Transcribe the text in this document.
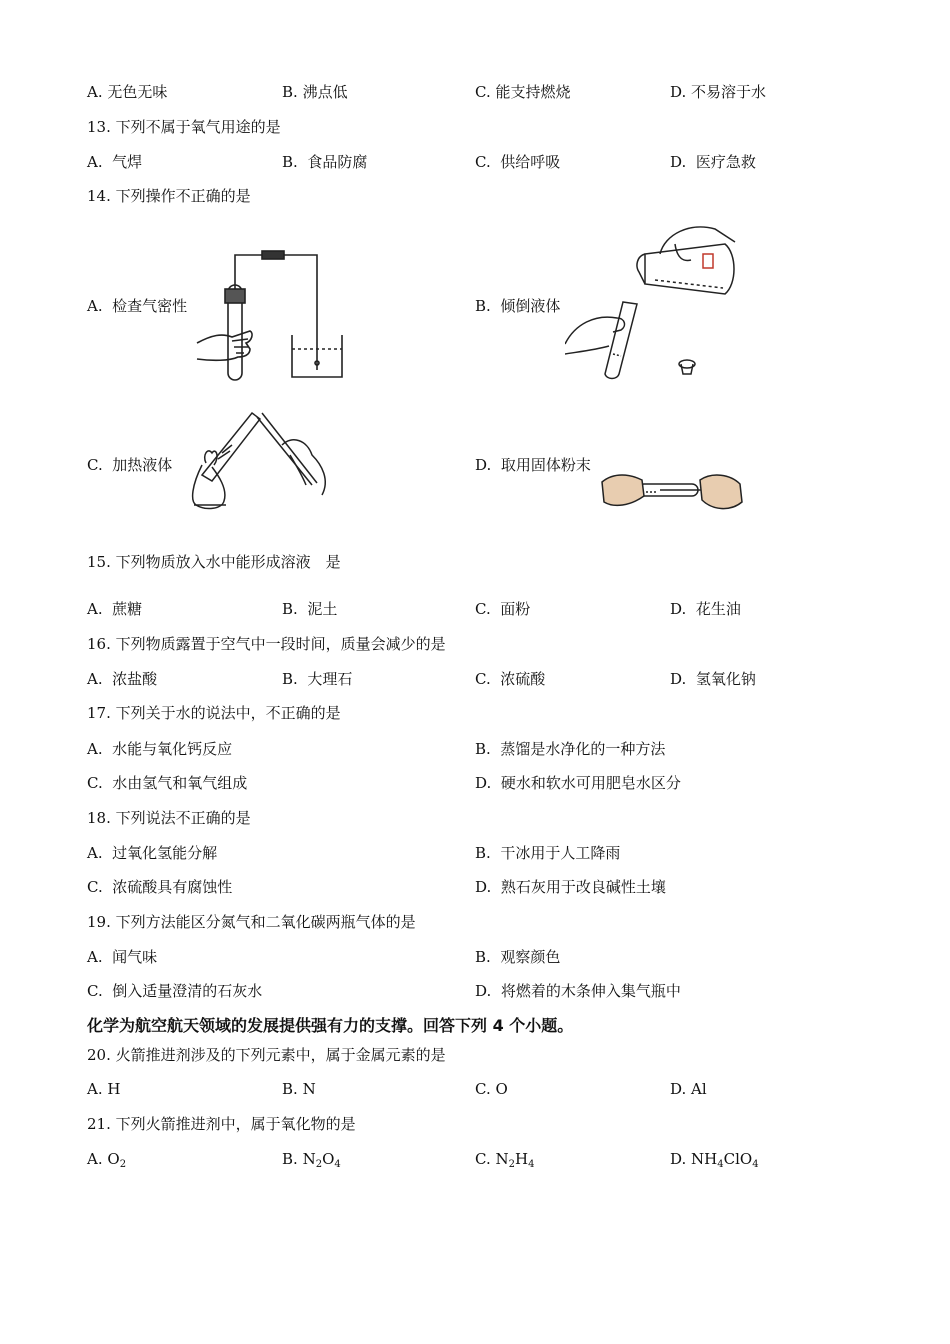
A. 无色无味	B. 沸点低	C. 能支持燃烧	D. 不易溶于水
13. 下列不属于氧气用途的是
A. 气焊	B. 食品防腐	C. 供给呼吸	D. 医疗急救
14. 下列操作不正确的是
A. 检查气密性	B. 倾倒液体
C. 加热液体	D. 取用固体粉末
15. 下列物质放入水中能形成溶液　是
A. 蔗糖	B. 泥土	C. 面粉	D. 花生油
16. 下列物质露置于空气中一段时间，质量会减少的是
A. 浓盐酸	B. 大理石	C. 浓硫酸	D. 氢氧化钠
17. 下列关于水的说法中，不正确的是
A. 水能与氧化钙反应	B. 蒸馏是水净化的一种方法
C. 水由氢气和氧气组成	D. 硬水和软水可用肥皂水区分
18. 下列说法不正确的是
A. 过氧化氢能分解	B. 干冰用于人工降雨
C. 浓硫酸具有腐蚀性	D. 熟石灰用于改良碱性土壤
19. 下列方法能区分氮气和二氧化碳两瓶气体的是
A. 闻气味	B. 观察颜色
C. 倒入适量澄清的石灰水	D. 将燃着的木条伸入集气瓶中
化学为航空航天领域的发展提供强有力的支撑。回答下列 4 个小题。
20. 火箭推进剂涉及的下列元素中，属于金属元素的是
A. H	B. N	C. O	D. Al
21. 下列火箭推进剂中，属于氧化物的是
A. $O_2$	B. $N_2O_4$	C. $N_2H_4$	D. $NH_4ClO_4$
